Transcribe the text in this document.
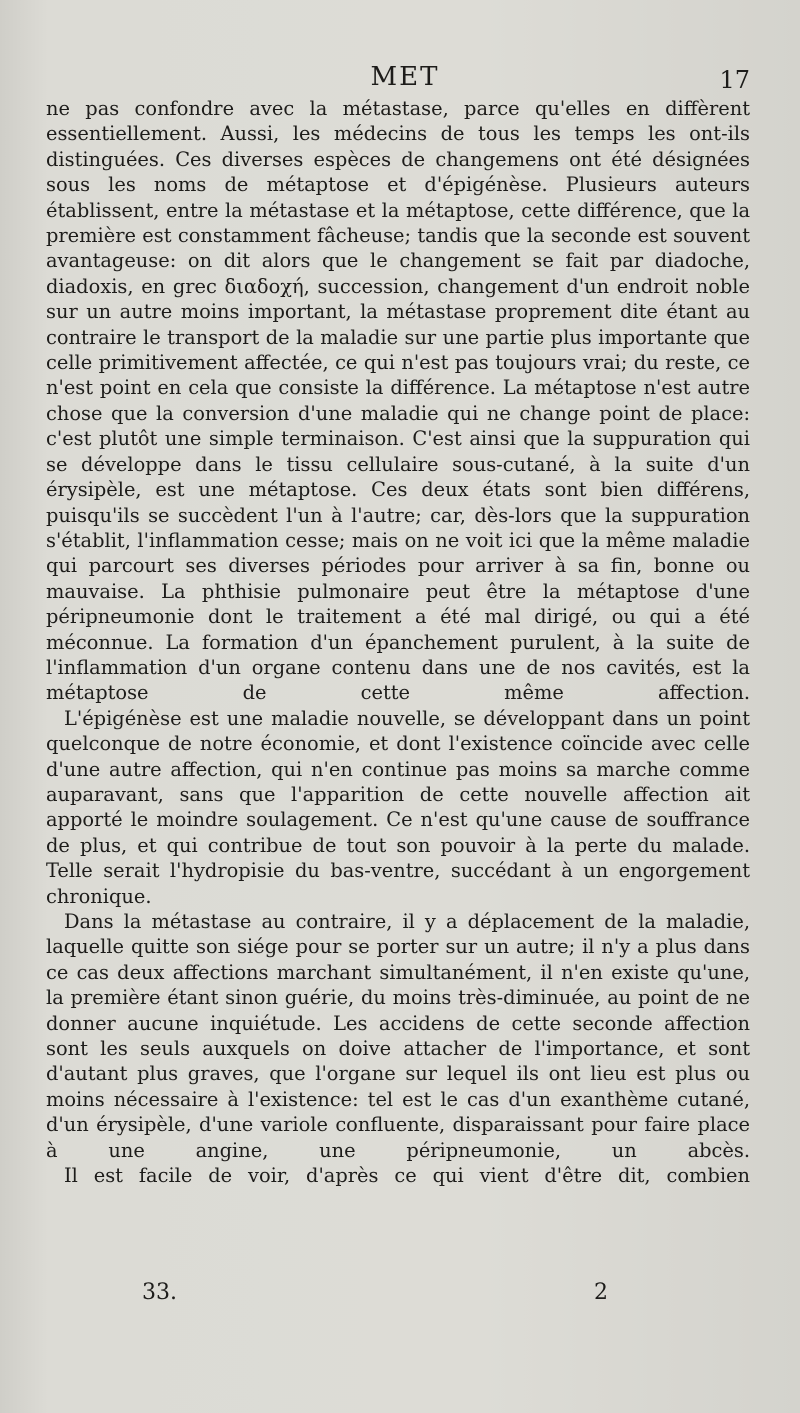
MET	17

ne pas confondre avec la métastase, parce qu'elles en diffèrent essentiellement. Aussi, les médecins de tous les temps les ont-ils distinguées. Ces diverses espèces de changemens ont été désignées sous les noms de métaptose et d'épigénèse. Plusieurs auteurs établissent, entre la métastase et la métaptose, cette différence, que la première est constamment fâcheuse; tandis que la seconde est souvent avantageuse: on dit alors que le changement se fait par diadoche, diadoxis, en grec διαδοχή, succession, changement d'un endroit noble sur un autre moins important, la métastase proprement dite étant au contraire le transport de la maladie sur une partie plus importante que celle primitivement affectée, ce qui n'est pas toujours vrai; du reste, ce n'est point en cela que consiste la différence. La métaptose n'est autre chose que la conversion d'une maladie qui ne change point de place: c'est plutôt une simple terminaison. C'est ainsi que la suppuration qui se développe dans le tissu cellulaire sous-cutané, à la suite d'un érysipèle, est une métaptose. Ces deux états sont bien différens, puisqu'ils se succèdent l'un à l'autre; car, dès-lors que la suppuration s'établit, l'inflammation cesse; mais on ne voit ici que la même maladie qui parcourt ses diverses périodes pour arriver à sa fin, bonne ou mauvaise. La phthisie pulmonaire peut être la métaptose d'une péripneumonie dont le traitement a été mal dirigé, ou qui a été méconnue. La formation d'un épanchement purulent, à la suite de l'inflammation d'un organe contenu dans une de nos cavités, est la métaptose de cette même affection.

L'épigénèse est une maladie nouvelle, se développant dans un point quelconque de notre économie, et dont l'existence coïncide avec celle d'une autre affection, qui n'en continue pas moins sa marche comme auparavant, sans que l'apparition de cette nouvelle affection ait apporté le moindre soulagement. Ce n'est qu'une cause de souffrance de plus, et qui contribue de tout son pouvoir à la perte du malade. Telle serait l'hydropisie du bas-ventre, succédant à un engorgement chronique.

Dans la métastase au contraire, il y a déplacement de la maladie, laquelle quitte son siége pour se porter sur un autre; il n'y a plus dans ce cas deux affections marchant simultanément, il n'en existe qu'une, la première étant sinon guérie, du moins très-diminuée, au point de ne donner aucune inquiétude. Les accidens de cette seconde affection sont les seuls auxquels on doive attacher de l'importance, et sont d'autant plus graves, que l'organe sur lequel ils ont lieu est plus ou moins nécessaire à l'existence: tel est le cas d'un exanthème cutané, d'un érysipèle, d'une variole confluente, disparaissant pour faire place à une angine, une péripneumonie, un abcès.

Il est facile de voir, d'après ce qui vient d'être dit, combien

33.	2
